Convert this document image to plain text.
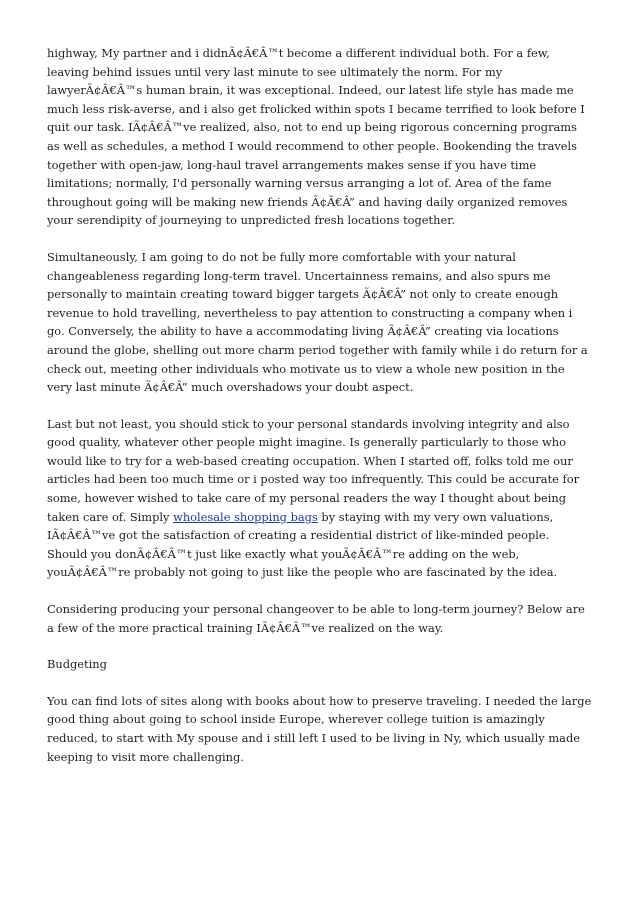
highway, My partner and i didnÃ¢Â€Â™t become a different individual both. For a few, leaving behind issues until very last minute to see ultimately the norm. For my lawyerÃ¢Â€Â™s human brain, it was exceptional. Indeed, our latest life style has made me much less risk-averse, and i also get frolicked within spots I became terrified to look before I quit our task. IÃ¢Â€Â™ve realized, also, not to end up being rigorous concerning programs as well as schedules, a method I would recommend to other people. Bookending the travels together with open-jaw, long-haul travel arrangements makes sense if you have time limitations; normally, I'd personally warning versus arranging a lot of. Area of the fame throughout going will be making new friends Ã¢Â€Â” and having daily organized removes your serendipity of journeying to unpredicted fresh locations together.

Simultaneously, I am going to do not be fully more comfortable with your natural changeableness regarding long-term travel. Uncertainness remains, and also spurs me personally to maintain creating toward bigger targets Ã¢Â€Â” not only to create enough revenue to hold travelling, nevertheless to pay attention to constructing a company when i go. Conversely, the ability to have a accommodating living Ã¢Â€Â” creating via locations around the globe, shelling out more charm period together with family while i do return for a check out, meeting other individuals who motivate us to view a whole new position in the very last minute Ã¢Â€Â” much overshadows your doubt aspect.

Last but not least, you should stick to your personal standards involving integrity and also good quality, whatever other people might imagine. Is generally particularly to those who would like to try for a web-based creating occupation. When I started off, folks told me our articles had been too much time or i posted way too infrequently. This could be accurate for some, however wished to take care of my personal readers the way I thought about being taken care of. Simply wholesale shopping bags by staying with my very own valuations, IÃ¢Â€Â™ve got the satisfaction of creating a residential district of like-minded people. Should you donÃ¢Â€Â™t just like exactly what youÃ¢Â€Â™re adding on the web, youÃ¢Â€Â™re probably not going to just like the people who are fascinated by the idea.

Considering producing your personal changeover to be able to long-term journey? Below are a few of the more practical training IÃ¢Â€Â™ve realized on the way.

Budgeting

You can find lots of sites along with books about how to preserve traveling. I needed the large good thing about going to school inside Europe, wherever college tuition is amazingly reduced, to start with My spouse and i still left I used to be living in Ny, which usually made keeping to visit more challenging.
